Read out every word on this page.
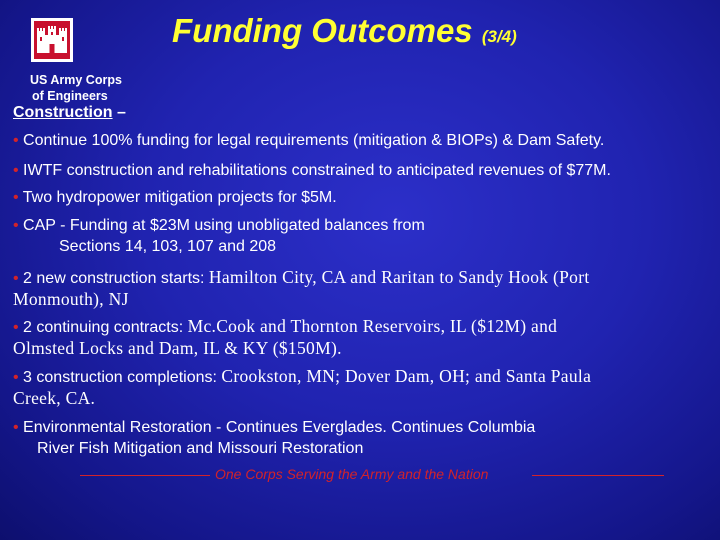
US Army Corps
of Engineers
Funding Outcomes (3/4)
Construction –
• Continue 100% funding for legal requirements (mitigation & BIOPs) & Dam Safety.
• IWTF construction and rehabilitations constrained to anticipated revenues of $77M.
• Two hydropower mitigation projects for $5M.
• CAP - Funding at $23M using unobligated balances from
Sections 14, 103, 107 and 208
• 2 new construction starts: Hamilton City, CA and Raritan to Sandy Hook (Port
Monmouth), NJ
• 2 continuing contracts: Mc.Cook and Thornton Reservoirs, IL ($12M) and
Olmsted Locks and Dam, IL & KY ($150M).
• 3 construction completions: Crookston, MN; Dover Dam, OH; and Santa Paula
Creek, CA.
• Environmental Restoration - Continues Everglades. Continues Columbia
River Fish Mitigation and Missouri Restoration
One Corps Serving the Army and the Nation
